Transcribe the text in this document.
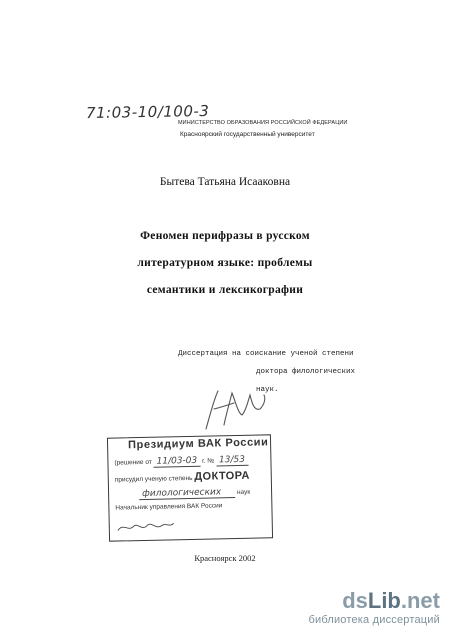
71:03-10/100-3
МИНИСТЕРСТВО ОБРАЗОВАНИЯ РОССИЙСКОЙ ФЕДЕРАЦИИ
Красноярский государственный университет
Бытева Татьяна Исааковна
Феномен перифразы в русском
литературном языке: проблемы
семантики и лексикографии
Диссертация на соискание ученой степени
доктора филологических наук.
Президиум ВАК России
(решение от 11/03-03 г. № 13/53
присудил ученую степень ДОКТОРА
филологических наук
Начальник управления ВАК России
Красноярск 2002
dsLib.net
библиотека диссертаций
